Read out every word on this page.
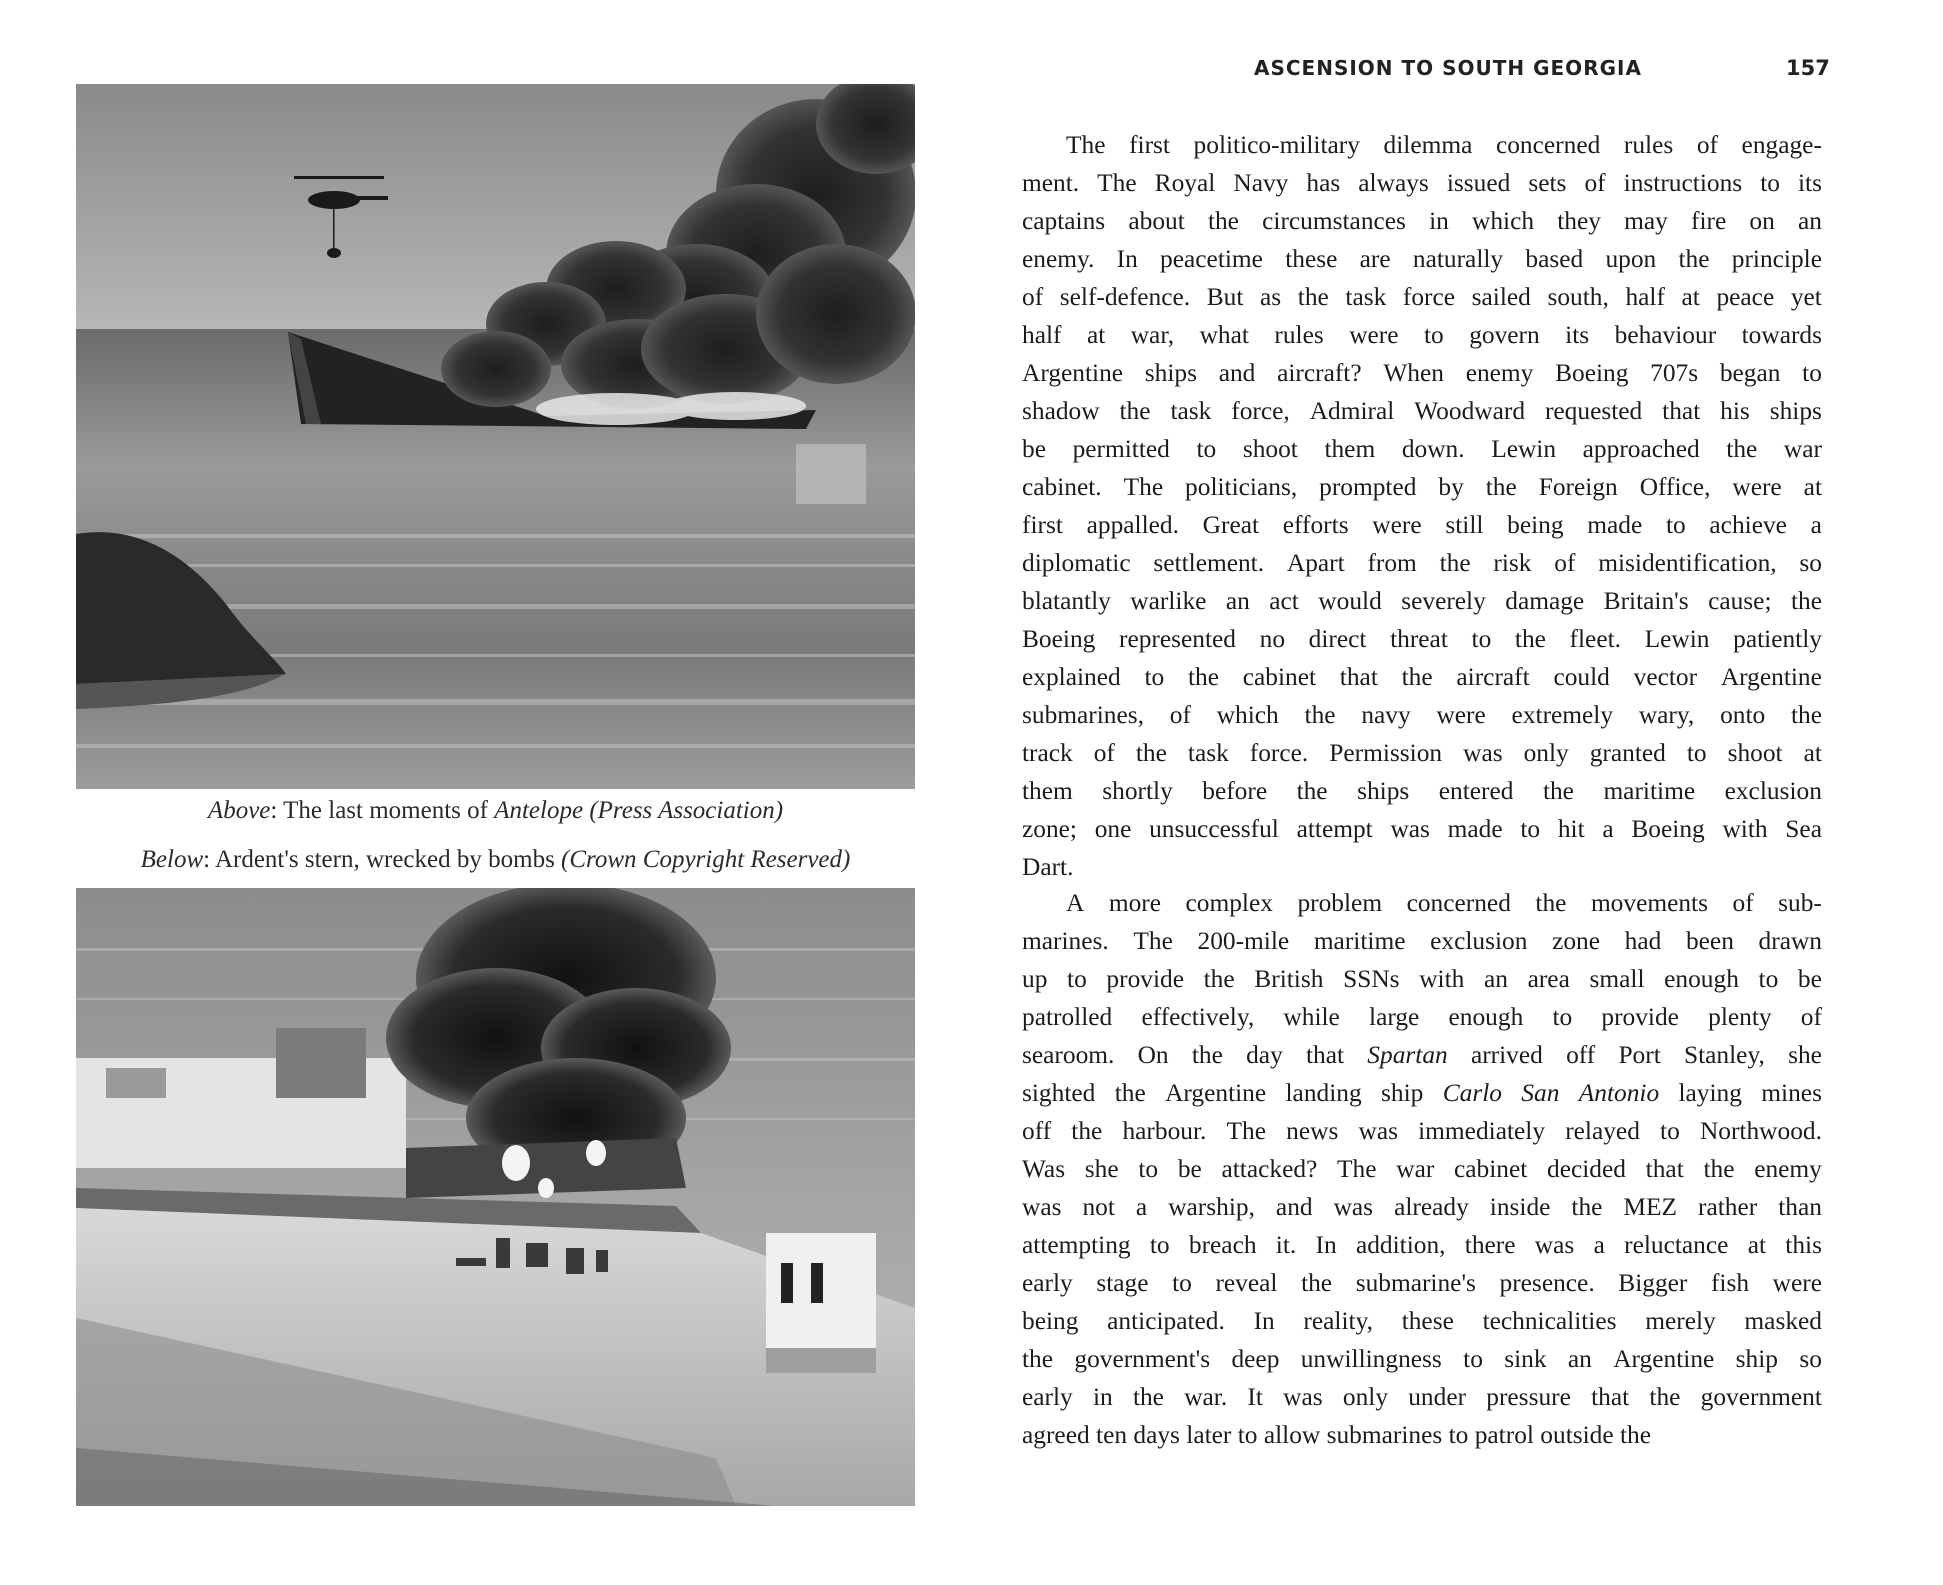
Above: The last moments of Antelope (Press Association)
Below: Ardent's stern, wrecked by bombs (Crown Copyright Reserved)
ASCENSION TO SOUTH GEORGIA	157
The first politico-military dilemma concerned rules of engage-
ment. The Royal Navy has always issued sets of instructions to its
captains about the circumstances in which they may fire on an
enemy. In peacetime these are naturally based upon the principle
of self-defence. But as the task force sailed south, half at peace yet
half at war, what rules were to govern its behaviour towards
Argentine ships and aircraft? When enemy Boeing 707s began to
shadow the task force, Admiral Woodward requested that his ships
be permitted to shoot them down. Lewin approached the war
cabinet. The politicians, prompted by the Foreign Office, were at
first appalled. Great efforts were still being made to achieve a
diplomatic settlement. Apart from the risk of misidentification, so
blatantly warlike an act would severely damage Britain's cause; the
Boeing represented no direct threat to the fleet. Lewin patiently
explained to the cabinet that the aircraft could vector Argentine
submarines, of which the navy were extremely wary, onto the
track of the task force. Permission was only granted to shoot at
them shortly before the ships entered the maritime exclusion
zone; one unsuccessful attempt was made to hit a Boeing with Sea
Dart.
A more complex problem concerned the movements of sub-
marines. The 200-mile maritime exclusion zone had been drawn
up to provide the British SSNs with an area small enough to be
patrolled effectively, while large enough to provide plenty of
searoom. On the day that Spartan arrived off Port Stanley, she
sighted the Argentine landing ship Carlo San Antonio laying mines
off the harbour. The news was immediately relayed to Northwood.
Was she to be attacked? The war cabinet decided that the enemy
was not a warship, and was already inside the MEZ rather than
attempting to breach it. In addition, there was a reluctance at this
early stage to reveal the submarine's presence. Bigger fish were
being anticipated. In reality, these technicalities merely masked
the government's deep unwillingness to sink an Argentine ship so
early in the war. It was only under pressure that the government
agreed ten days later to allow submarines to patrol outside the
